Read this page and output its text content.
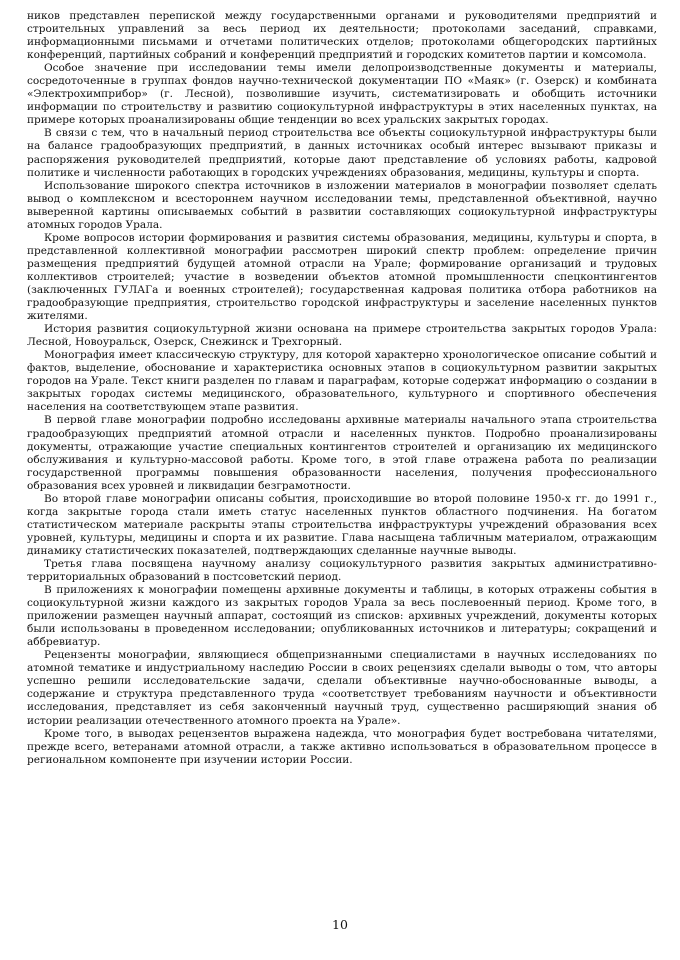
ников представлен перепиской между государственными органами и руководителями предприятий и строительных управлений за весь период их деятельности; протоколами заседаний, справками, информационными письмами и отчетами политических отделов; протоколами общегородских партийных конференций, партийных собраний и конференций предприятий и городских комитетов партии и комсомола.

Особое значение при исследовании темы имели делопроизводственные документы и материалы, сосредоточенные в группах фондов научно-технической документации ПО «Маяк» (г. Озерск) и комбината «Электрохимприбор» (г. Лесной), позволившие изучить, систематизировать и обобщить источники информации по строительству и развитию социокультурной инфраструктуры в этих населенных пунктах, на примере которых проанализированы общие тенденции во всех уральских закрытых городах.

В связи с тем, что в начальный период строительства все объекты социокультурной инфраструктуры были на балансе градообразующих предприятий, в данных источниках особый интерес вызывают приказы и распоряжения руководителей предприятий, которые дают представление об условиях работы, кадровой политике и численности работающих в городских учреждениях образования, медицины, культуры и спорта.

Использование широкого спектра источников в изложении материалов в монографии позволяет сделать вывод о комплексном и всестороннем научном исследовании темы, представленной объективной, научно выверенной картины описываемых событий в развитии составляющих социокультурной инфраструктуры атомных городов Урала.

Кроме вопросов истории формирования и развития системы образования, медицины, культуры и спорта, в представленной коллективной монографии рассмотрен широкий спектр проблем: определение причин размещения предприятий будущей атомной отрасли на Урале; формирование организаций и трудовых коллективов строителей; участие в возведении объектов атомной промышленности спецконтингентов (заключенных ГУЛАГа и военных строителей); государственная кадровая политика отбора работников на градообразующие предприятия, строительство городской инфраструктуры и заселение населенных пунктов жителями.

История развития социокультурной жизни основана на примере строительства закрытых городов Урала: Лесной, Новоуральск, Озерск, Снежинск и Трехгорный.

Монография имеет классическую структуру, для которой характерно хронологическое описание событий и фактов, выделение, обоснование и характеристика основных этапов в социокультурном развитии закрытых городов на Урале. Текст книги разделен по главам и параграфам, которые содержат информацию о создании в закрытых городах системы медицинского, образовательного, культурного и спортивного обеспечения населения на соответствующем этапе развития.

В первой главе монографии подробно исследованы архивные материалы начального этапа строительства градообразующих предприятий атомной отрасли и населенных пунктов. Подробно проанализированы документы, отражающие участие специальных контингентов строителей и организацию их медицинского обслуживания и культурно-массовой работы. Кроме того, в этой главе отражена работа по реализации государственной программы повышения образованности населения, получения профессионального образования всех уровней и ликвидации безграмотности.

Во второй главе монографии описаны события, происходившие во второй половине 1950-х гг. до 1991 г., когда закрытые города стали иметь статус населенных пунктов областного подчинения. На богатом статистическом материале раскрыты этапы строительства инфраструктуры учреждений образования всех уровней, культуры, медицины и спорта и их развитие. Глава насыщена табличным материалом, отражающим динамику статистических показателей, подтверждающих сделанные научные выводы.

Третья глава посвящена научному анализу социокультурного развития закрытых административно-территориальных образований в постсоветский период.

В приложениях к монографии помещены архивные документы и таблицы, в которых отражены события в социокультурной жизни каждого из закрытых городов Урала за весь послевоенный период. Кроме того, в приложении размещен научный аппарат, состоящий из списков: архивных учреждений, документы которых были использованы в проведенном исследовании; опубликованных источников и литературы; сокращений и аббревиатур.

Рецензенты монографии, являющиеся общепризнанными специалистами в научных исследованиях по атомной тематике и индустриальному наследию России в своих рецензиях сделали выводы о том, что авторы успешно решили исследовательские задачи, сделали объективные научно-обоснованные выводы, а содержание и структура представленного труда «соответствует требованиям научности и объективности исследования, представляет из себя законченный научный труд, существенно расширяющий знания об истории реализации отечественного атомного проекта на Урале».

Кроме того, в выводах рецензентов выражена надежда, что монография будет востребована читателями, прежде всего, ветеранами атомной отрасли, а также активно использоваться в образовательном процессе в региональном компоненте при изучении истории России.

10
